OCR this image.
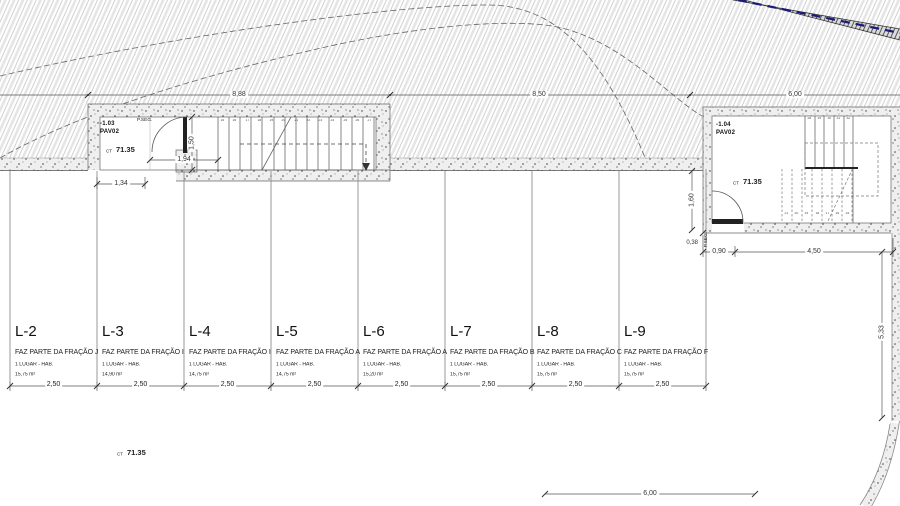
8,88	8,50	6,00
-1.03
PAV02
P.SEG.
CT 71.35	1,50
1,94
1,34
15 16 17 18 19 20 21 22 23 24 25 26 27
-1.04
PAV02
CT 71.35
P.SEG.
1,60
0,38
0,90	4,50
28 29 30 31 32
21 20 19 18 17 16 15
5,33
6,00
CT 71.35
L-2
FAZ PARTE DA FRAÇÃO J
1 LUGAR - HAB.
15,75 m²
2,50
L-3
FAZ PARTE DA FRAÇÃO I
1 LUGAR - HAB.
14,90 m²
2,50
L-4
FAZ PARTE DA FRAÇÃO I
1 LUGAR - HAB.
14,75 m²
2,50
L-5
FAZ PARTE DA FRAÇÃO A
1 LUGAR - HAB.
14,75 m²
2,50
L-6
FAZ PARTE DA FRAÇÃO A
1 LUGAR - HAB.
15,20 m²
2,50
L-7
FAZ PARTE DA FRAÇÃO B
1 LUGAR - HAB.
15,75 m²
2,50
L-8
FAZ PARTE DA FRAÇÃO C
1 LUGAR - HAB.
15,75 m²
2,50
L-9
FAZ PARTE DA FRAÇÃO F
1 LUGAR - HAB.
15,75 m²
2,50
